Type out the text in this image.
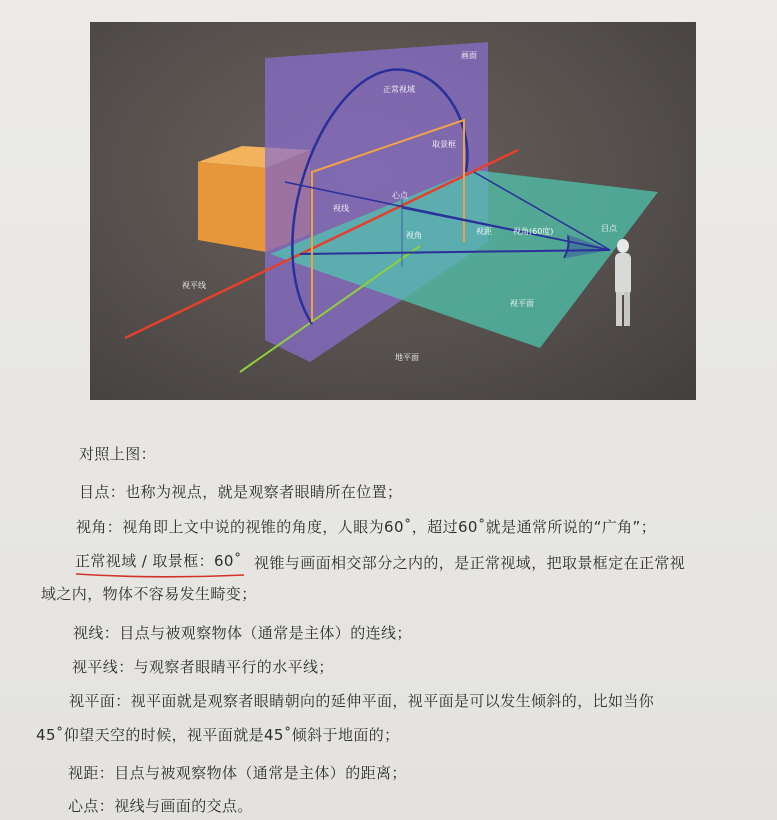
画面
正常视域
取景框
心点
视线
视角	视距	视角(60度)	目点
视平线
视平面
地平面
对照上图：
目点：也称为视点，就是观察者眼睛所在位置；
视角：视角即上文中说的视锥的角度，人眼为60˚，超过60˚就是通常所说的“广角”；
正常视域 / 取景框：60˚ 视锥与画面相交部分之内的，是正常视域，把取景框定在正常视
域之内，物体不容易发生畸变；
视线：目点与被观察物体（通常是主体）的连线；
视平线：与观察者眼睛平行的水平线；
视平面：视平面就是观察者眼睛朝向的延伸平面，视平面是可以发生倾斜的，比如当你
45˚仰望天空的时候，视平面就是45˚倾斜于地面的；
视距：目点与被观察物体（通常是主体）的距离；
心点：视线与画面的交点。
